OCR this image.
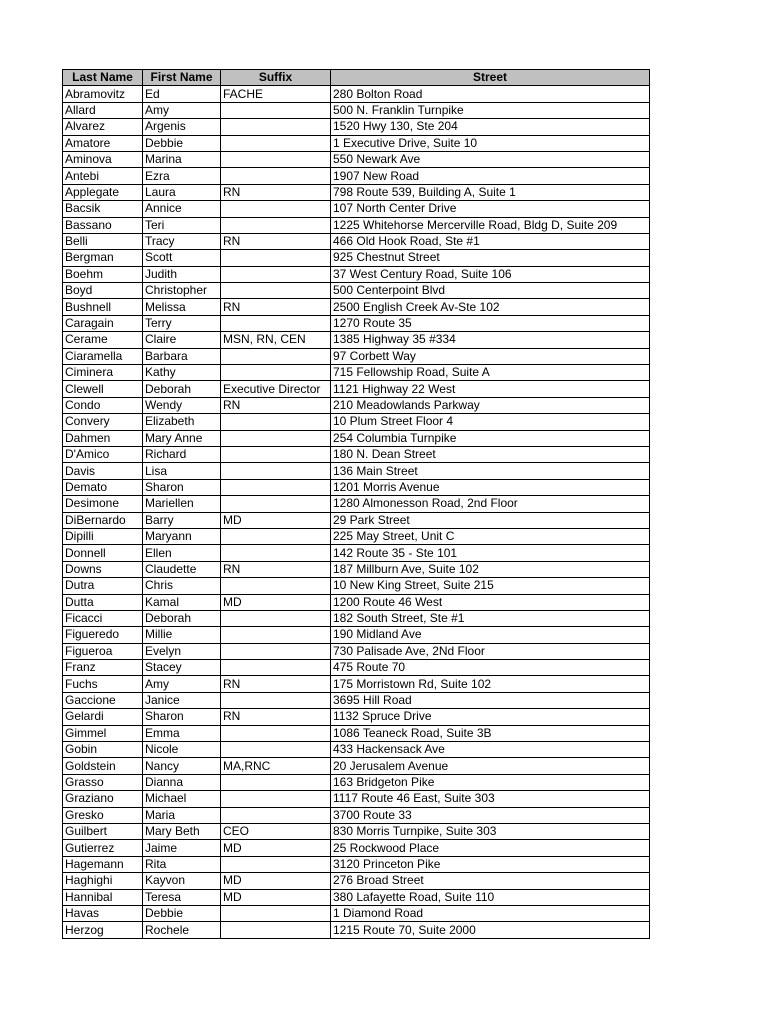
Last Name	First Name	Suffix	Street
Abramovitz	Ed	FACHE	280 Bolton Road
Allard	Amy		500 N. Franklin Turnpike
Alvarez	Argenis		1520 Hwy 130, Ste 204
Amatore	Debbie		1 Executive Drive, Suite 10
Aminova	Marina		550 Newark Ave
Antebi	Ezra		1907 New Road
Applegate	Laura	RN	798 Route 539, Building A, Suite 1
Bacsik	Annice		107 North Center Drive
Bassano	Teri		1225 Whitehorse Mercerville Road, Bldg D, Suite 209
Belli	Tracy	RN	466 Old Hook Road, Ste #1
Bergman	Scott		925 Chestnut Street
Boehm	Judith		37 West Century Road, Suite 106
Boyd	Christopher		500 Centerpoint Blvd
Bushnell	Melissa	RN	2500 English Creek Av-Ste 102
Caragain	Terry		1270 Route 35
Cerame	Claire	MSN, RN, CEN	1385 Highway 35 #334
Ciaramella	Barbara		97 Corbett Way
Ciminera	Kathy		715 Fellowship Road, Suite A
Clewell	Deborah	Executive Director	1121 Highway 22 West
Condo	Wendy	RN	210 Meadowlands Parkway
Convery	Elizabeth		10 Plum Street Floor 4
Dahmen	Mary Anne		254 Columbia Turnpike
D'Amico	Richard		180 N. Dean Street
Davis	Lisa		136 Main Street
Demato	Sharon		1201 Morris Avenue
Desimone	Mariellen		1280 Almonesson Road, 2nd Floor
DiBernardo	Barry	MD	29 Park Street
Dipilli	Maryann		225 May Street, Unit C
Donnell	Ellen		142 Route 35 - Ste 101
Downs	Claudette	RN	187 Millburn Ave, Suite 102
Dutra	Chris		10 New King Street, Suite 215
Dutta	Kamal	MD	1200 Route 46 West
Ficacci	Deborah		182 South Street, Ste #1
Figueredo	Millie		190 Midland Ave
Figueroa	Evelyn		730 Palisade Ave, 2Nd Floor
Franz	Stacey		475 Route 70
Fuchs	Amy	RN	175 Morristown Rd, Suite 102
Gaccione	Janice		3695 Hill Road
Gelardi	Sharon	RN	1132 Spruce Drive
Gimmel	Emma		1086 Teaneck Road, Suite 3B
Gobin	Nicole		433 Hackensack Ave
Goldstein	Nancy	MA,RNC	20 Jerusalem Avenue
Grasso	Dianna		163 Bridgeton Pike
Graziano	Michael		1117 Route 46 East, Suite 303
Gresko	Maria		3700 Route 33
Guilbert	Mary Beth	CEO	830 Morris Turnpike, Suite 303
Gutierrez	Jaime	MD	25 Rockwood Place
Hagemann	Rita		3120 Princeton Pike
Haghighi	Kayvon	MD	276 Broad Street
Hannibal	Teresa	MD	380 Lafayette Road, Suite 110
Havas	Debbie		1 Diamond Road
Herzog	Rochele		1215 Route 70, Suite 2000
